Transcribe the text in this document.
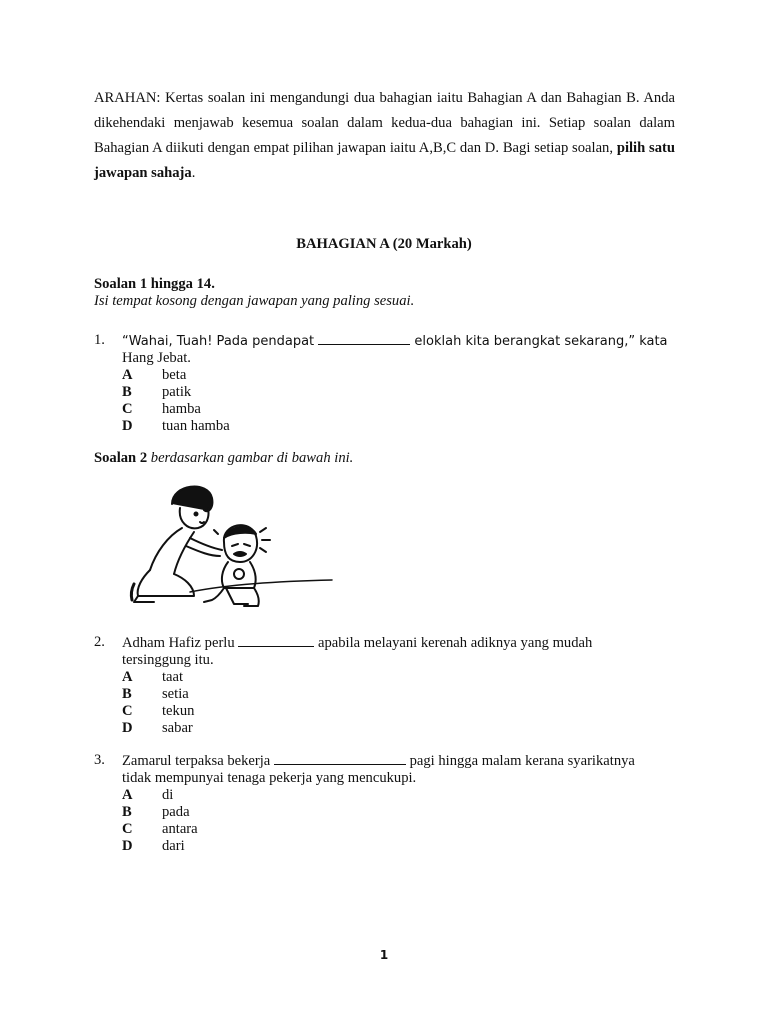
ARAHAN: Kertas soalan ini mengandungi dua bahagian iaitu Bahagian A dan Bahagian B. Anda dikehendaki menjawab kesemua soalan dalam kedua-dua bahagian ini. Setiap soalan dalam Bahagian A diikuti dengan empat pilihan jawapan iaitu A,B,C dan D. Bagi setiap soalan, pilih satu jawapan sahaja.
BAHAGIAN A (20 Markah)
Soalan 1 hingga 14.
Isi tempat kosong dengan jawapan yang paling sesuai.
1.	“Wahai, Tuah! Pada pendapat	eloklah kita berangkat sekarang,” kata
Hang Jebat.
A	beta
B	patik
C	hamba
D	tuan hamba
Soalan 2 berdasarkan gambar di bawah ini.
2.	Adham Hafiz perlu	apabila melayani kerenah adiknya yang mudah
tersinggung itu.
A	taat
B	setia
C	tekun
D	sabar
3.	Zamarul terpaksa bekerja	pagi hingga malam kerana syarikatnya
tidak mempunyai tenaga pekerja yang mencukupi.
A	di
B	pada
C	antara
D	dari
1
